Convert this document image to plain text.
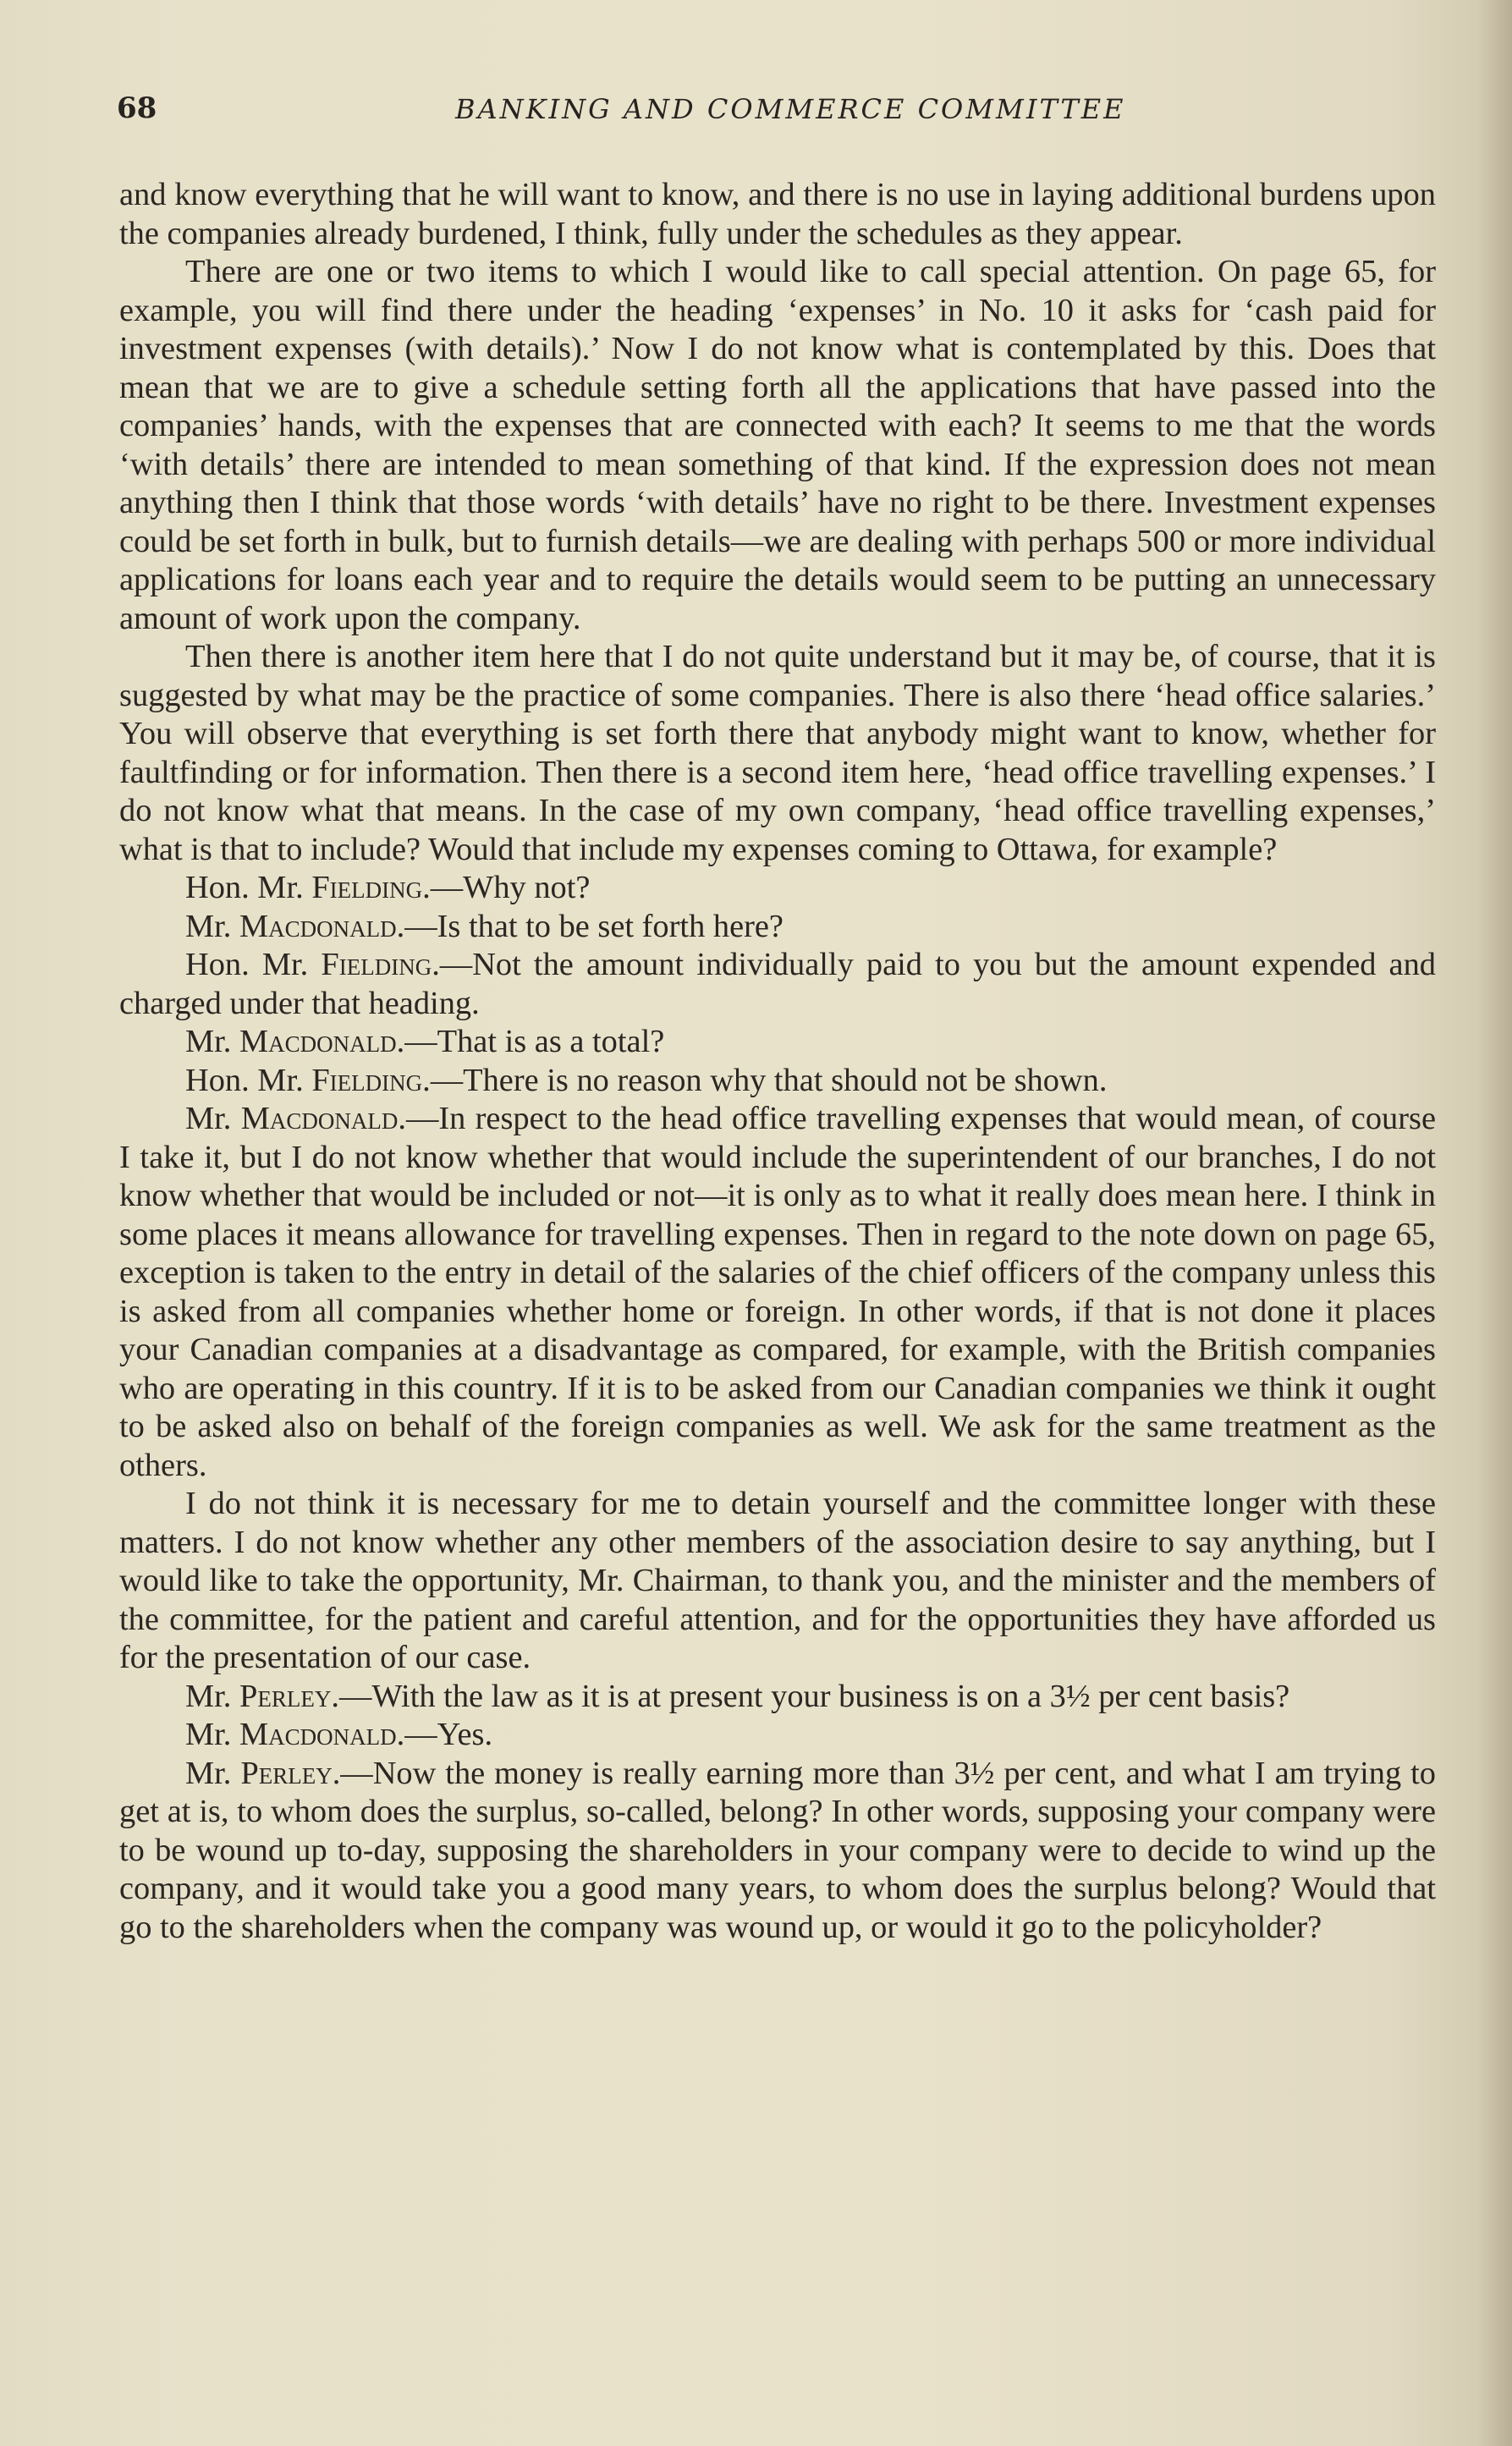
68	BANKING AND COMMERCE COMMITTEE

and know everything that he will want to know, and there is no use in laying additional burdens upon the companies already burdened, I think, fully under the schedules as they appear.

There are one or two items to which I would like to call special attention. On page 65, for example, you will find there under the heading ‘expenses’ in No. 10 it asks for ‘cash paid for investment expenses (with details).’ Now I do not know what is contemplated by this. Does that mean that we are to give a schedule setting forth all the applications that have passed into the companies’ hands, with the expenses that are connected with each? It seems to me that the words ‘with details’ there are intended to mean something of that kind. If the expression does not mean anything then I think that those words ‘with details’ have no right to be there. Investment expenses could be set forth in bulk, but to furnish details—we are dealing with perhaps 500 or more individual applications for loans each year and to require the details would seem to be putting an unnecessary amount of work upon the company.

Then there is another item here that I do not quite understand but it may be, of course, that it is suggested by what may be the practice of some companies. There is also there ‘head office salaries.’ You will observe that everything is set forth there that anybody might want to know, whether for faultfinding or for information. Then there is a second item here, ‘head office travelling expenses.’ I do not know what that means. In the case of my own company, ‘head office travelling expenses,’ what is that to include? Would that include my expenses coming to Ottawa, for example?

Hon. Mr. Fielding.—Why not?

Mr. Macdonald.—Is that to be set forth here?

Hon. Mr. Fielding.—Not the amount individually paid to you but the amount expended and charged under that heading.

Mr. Macdonald.—That is as a total?

Hon. Mr. Fielding.—There is no reason why that should not be shown.

Mr. Macdonald.—In respect to the head office travelling expenses that would mean, of course I take it, but I do not know whether that would include the superintendent of our branches, I do not know whether that would be included or not—it is only as to what it really does mean here. I think in some places it means allowance for travelling expenses. Then in regard to the note down on page 65, exception is taken to the entry in detail of the salaries of the chief officers of the company unless this is asked from all companies whether home or foreign. In other words, if that is not done it places your Canadian companies at a disadvantage as compared, for example, with the British companies who are operating in this country. If it is to be asked from our Canadian companies we think it ought to be asked also on behalf of the foreign companies as well. We ask for the same treatment as the others.

I do not think it is necessary for me to detain yourself and the committee longer with these matters. I do not know whether any other members of the association desire to say anything, but I would like to take the opportunity, Mr. Chairman, to thank you, and the minister and the members of the committee, for the patient and careful attention, and for the opportunities they have afforded us for the presentation of our case.

Mr. Perley.—With the law as it is at present your business is on a 3½ per cent basis?

Mr. Macdonald.—Yes.

Mr. Perley.—Now the money is really earning more than 3½ per cent, and what I am trying to get at is, to whom does the surplus, so-called, belong? In other words, supposing your company were to be wound up to-day, supposing the shareholders in your company were to decide to wind up the company, and it would take you a good many years, to whom does the surplus belong? Would that go to the shareholders when the company was wound up, or would it go to the policyholder?
